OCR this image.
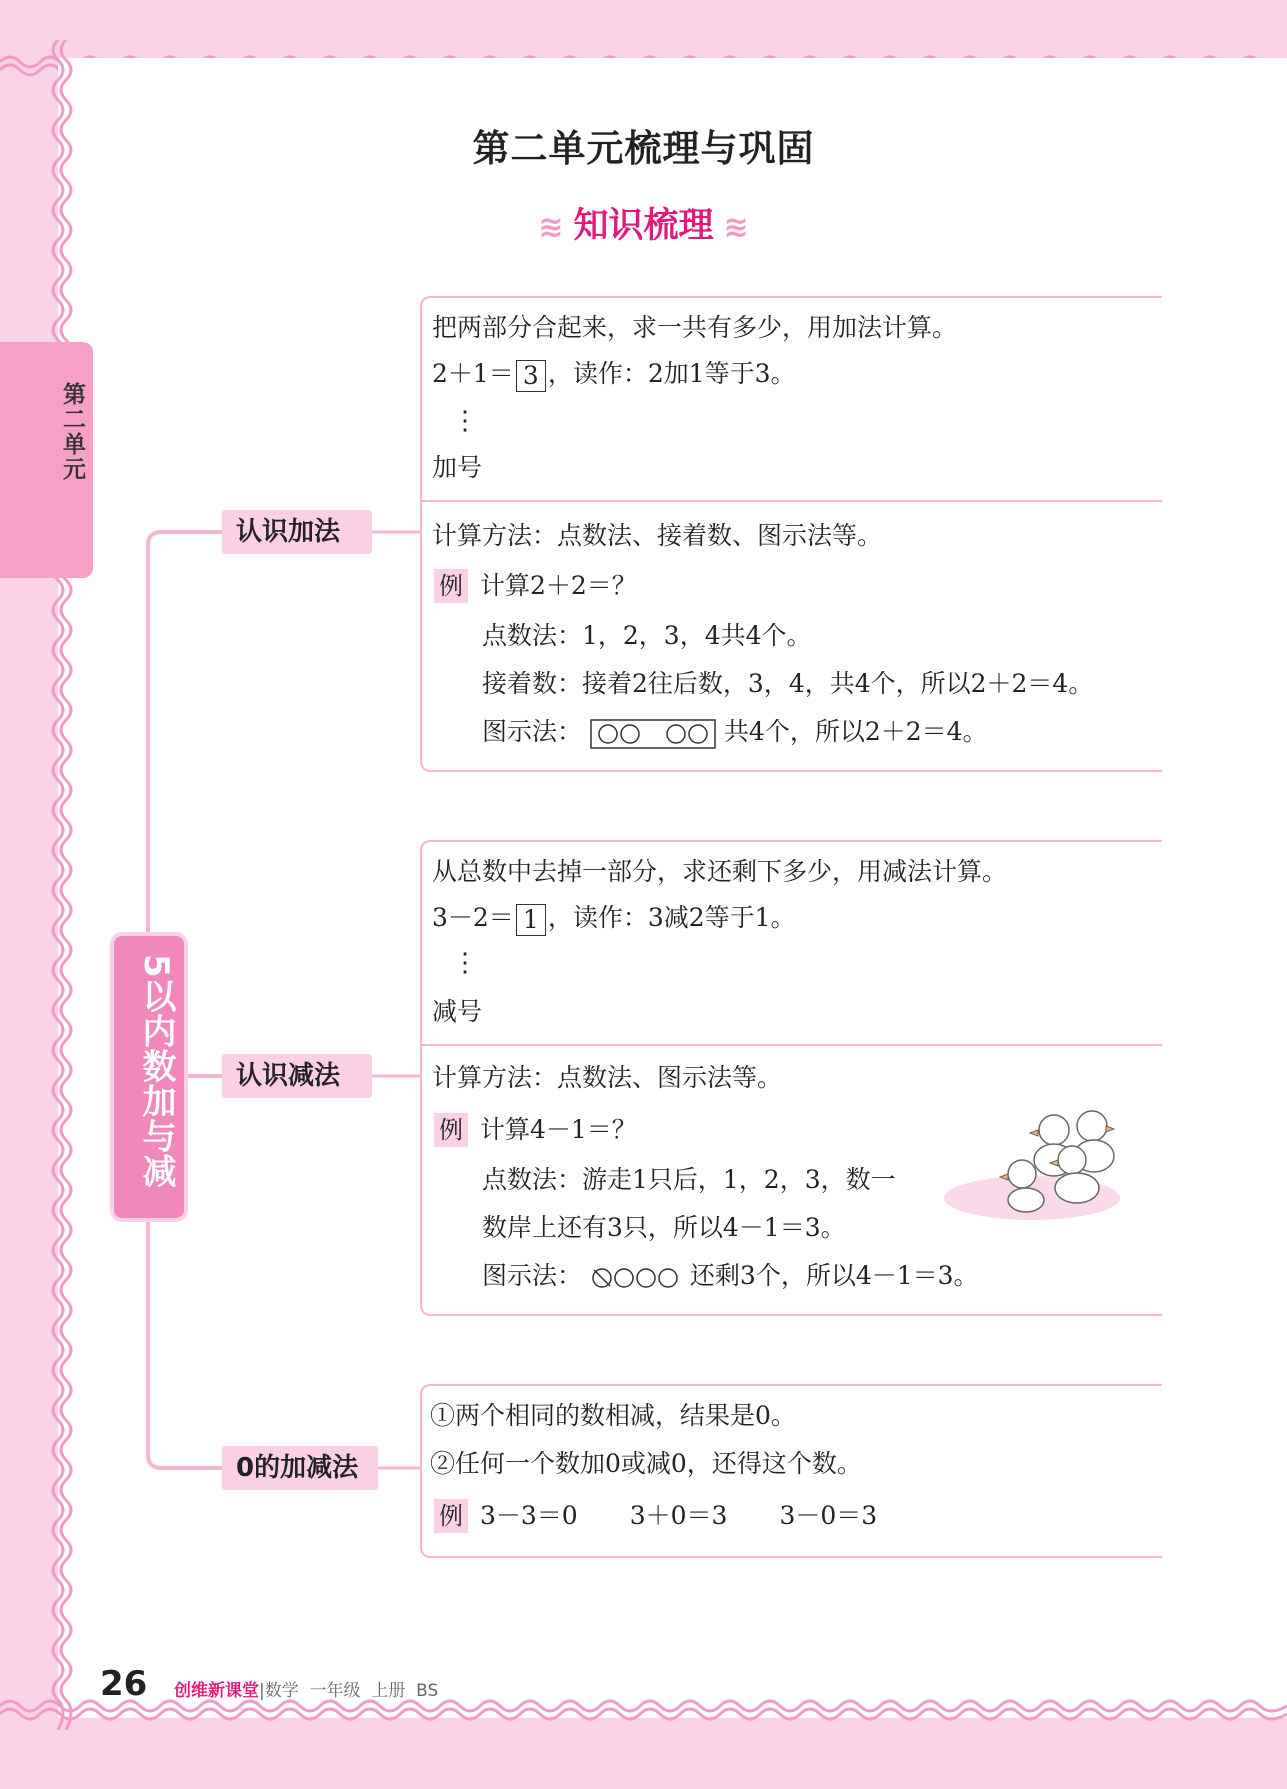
第二单元梳理与巩固
≋ 知识梳理 ≋
第二单元
5以内数加与减
认识加法
认识减法
0的加减法
把两部分合起来，求一共有多少，用加法计算。
2＋1＝ 3 ，读作：2加1等于3。
⋮
加号
计算方法：点数法、接着数、图示法等。
例 计算2＋2＝？
点数法：1，2，3，4共4个。
接着数：接着2往后数，3，4，共4个，所以2＋2＝4。
图示法：	共4个，所以2＋2＝4。
从总数中去掉一部分，求还剩下多少，用减法计算。
3－2＝ 1 ，读作：3减2等于1。
⋮
减号
计算方法：点数法、图示法等。
例 计算4－1＝？
点数法：游走1只后，1，2，3，数一
数岸上还有3只，所以4－1＝3。
图示法：	还剩3个，所以4－1＝3。
①两个相同的数相减，结果是0。
②任何一个数加0或减0，还得这个数。
例 3－3＝0 3＋0＝3 3－0＝3
26 创维新课堂|数学  一年级  上册  BS
